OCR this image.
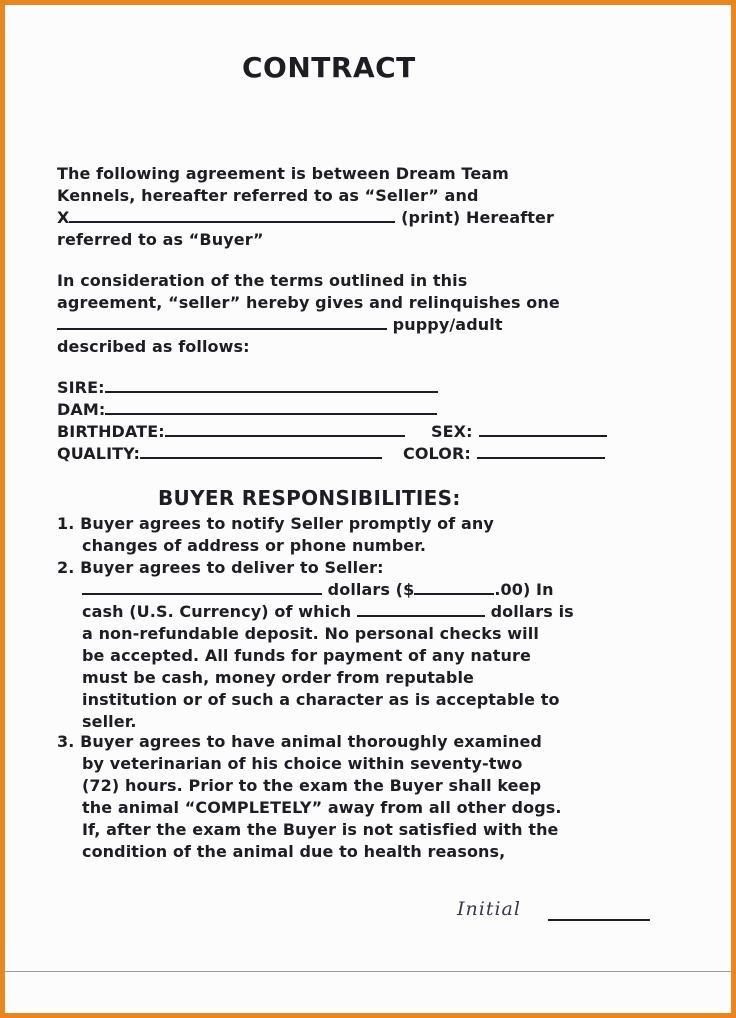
CONTRACT
The following agreement is between Dream Team
Kennels, hereafter referred to as “Seller” and
X	(print) Hereafter
referred to as “Buyer”
In consideration of the terms outlined in this
agreement, “seller” hereby gives and relinquishes one
puppy/adult
described as follows:
SIRE:
DAM:
BIRTHDATE:	SEX:
QUALITY:	COLOR:
BUYER RESPONSIBILITIES:
1. Buyer agrees to notify Seller promptly of any
changes of address or phone number.
2. Buyer agrees to deliver to Seller:
dollars ($	.00) In
cash (U.S. Currency) of which	dollars is
a non-refundable deposit. No personal checks will
be accepted. All funds for payment of any nature
must be cash, money order from reputable
institution or of such a character as is acceptable to
seller.
3. Buyer agrees to have animal thoroughly examined
by veterinarian of his choice within seventy-two
(72) hours. Prior to the exam the Buyer shall keep
the animal “COMPLETELY” away from all other dogs.
If, after the exam the Buyer is not satisfied with the
condition of the animal due to health reasons,
Initial
